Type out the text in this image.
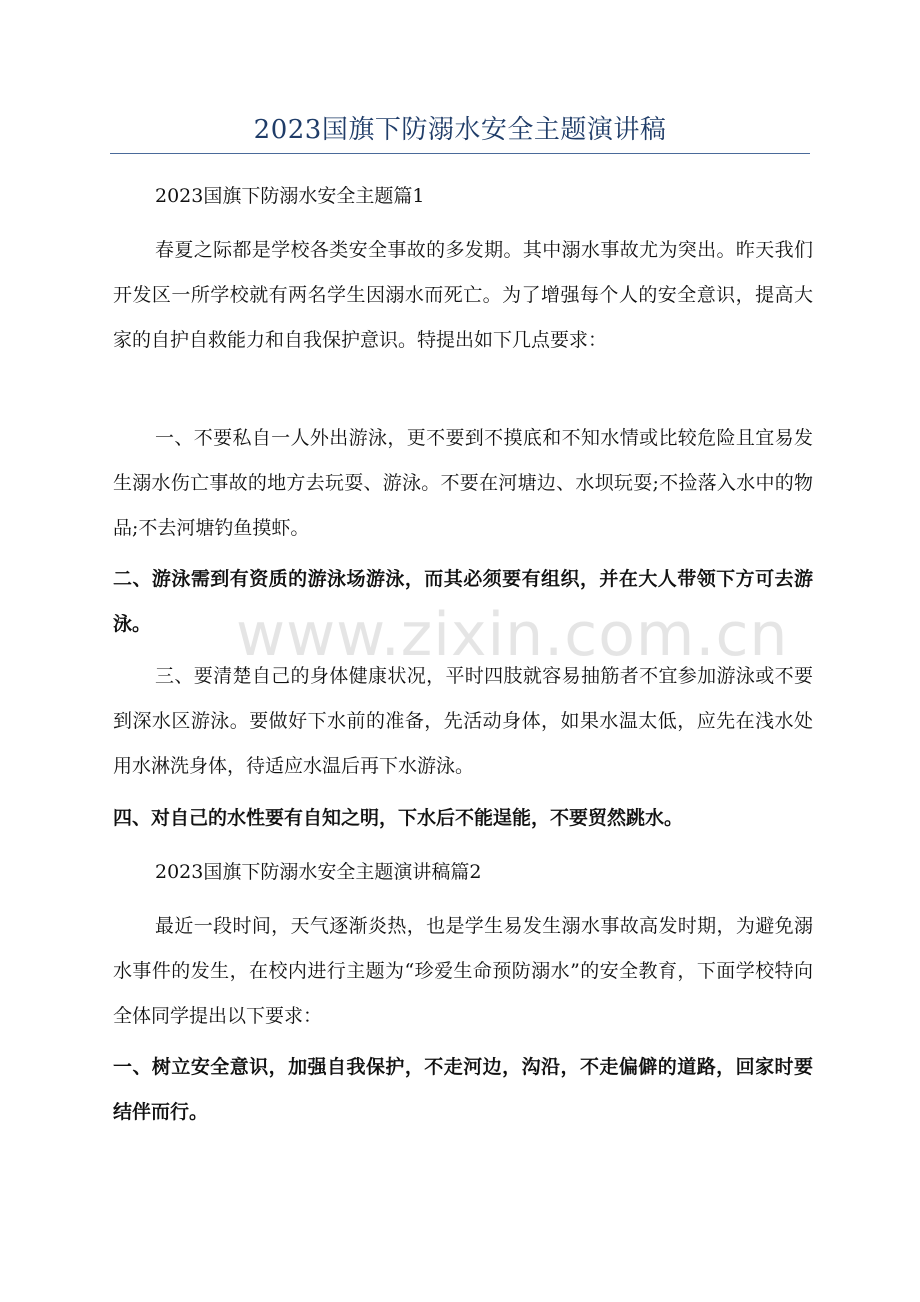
2023国旗下防溺水安全主题演讲稿

2023国旗下防溺水安全主题篇1

春夏之际都是学校各类安全事故的多发期。其中溺水事故尤为突出。昨天我们开发区一所学校就有两名学生因溺水而死亡。为了增强每个人的安全意识，提高大家的自护自救能力和自我保护意识。特提出如下几点要求：

一、不要私自一人外出游泳，更不要到不摸底和不知水情或比较危险且宜易发生溺水伤亡事故的地方去玩耍、游泳。不要在河塘边、水坝玩耍;不捡落入水中的物品;不去河塘钓鱼摸虾。

二、游泳需到有资质的游泳场游泳，而其必须要有组织，并在大人带领下方可去游泳。

三、要清楚自己的身体健康状况，平时四肢就容易抽筋者不宜参加游泳或不要到深水区游泳。要做好下水前的准备，先活动身体，如果水温太低，应先在浅水处用水淋洗身体，待适应水温后再下水游泳。

四、对自己的水性要有自知之明，下水后不能逞能，不要贸然跳水。

2023国旗下防溺水安全主题演讲稿篇2

最近一段时间，天气逐渐炎热，也是学生易发生溺水事故高发时期，为避免溺水事件的发生，在校内进行主题为“珍爱生命预防溺水”的安全教育，下面学校特向全体同学提出以下要求：

一、树立安全意识，加强自我保护，不走河边，沟沿，不走偏僻的道路，回家时要结伴而行。

www.zixin.com.cn
